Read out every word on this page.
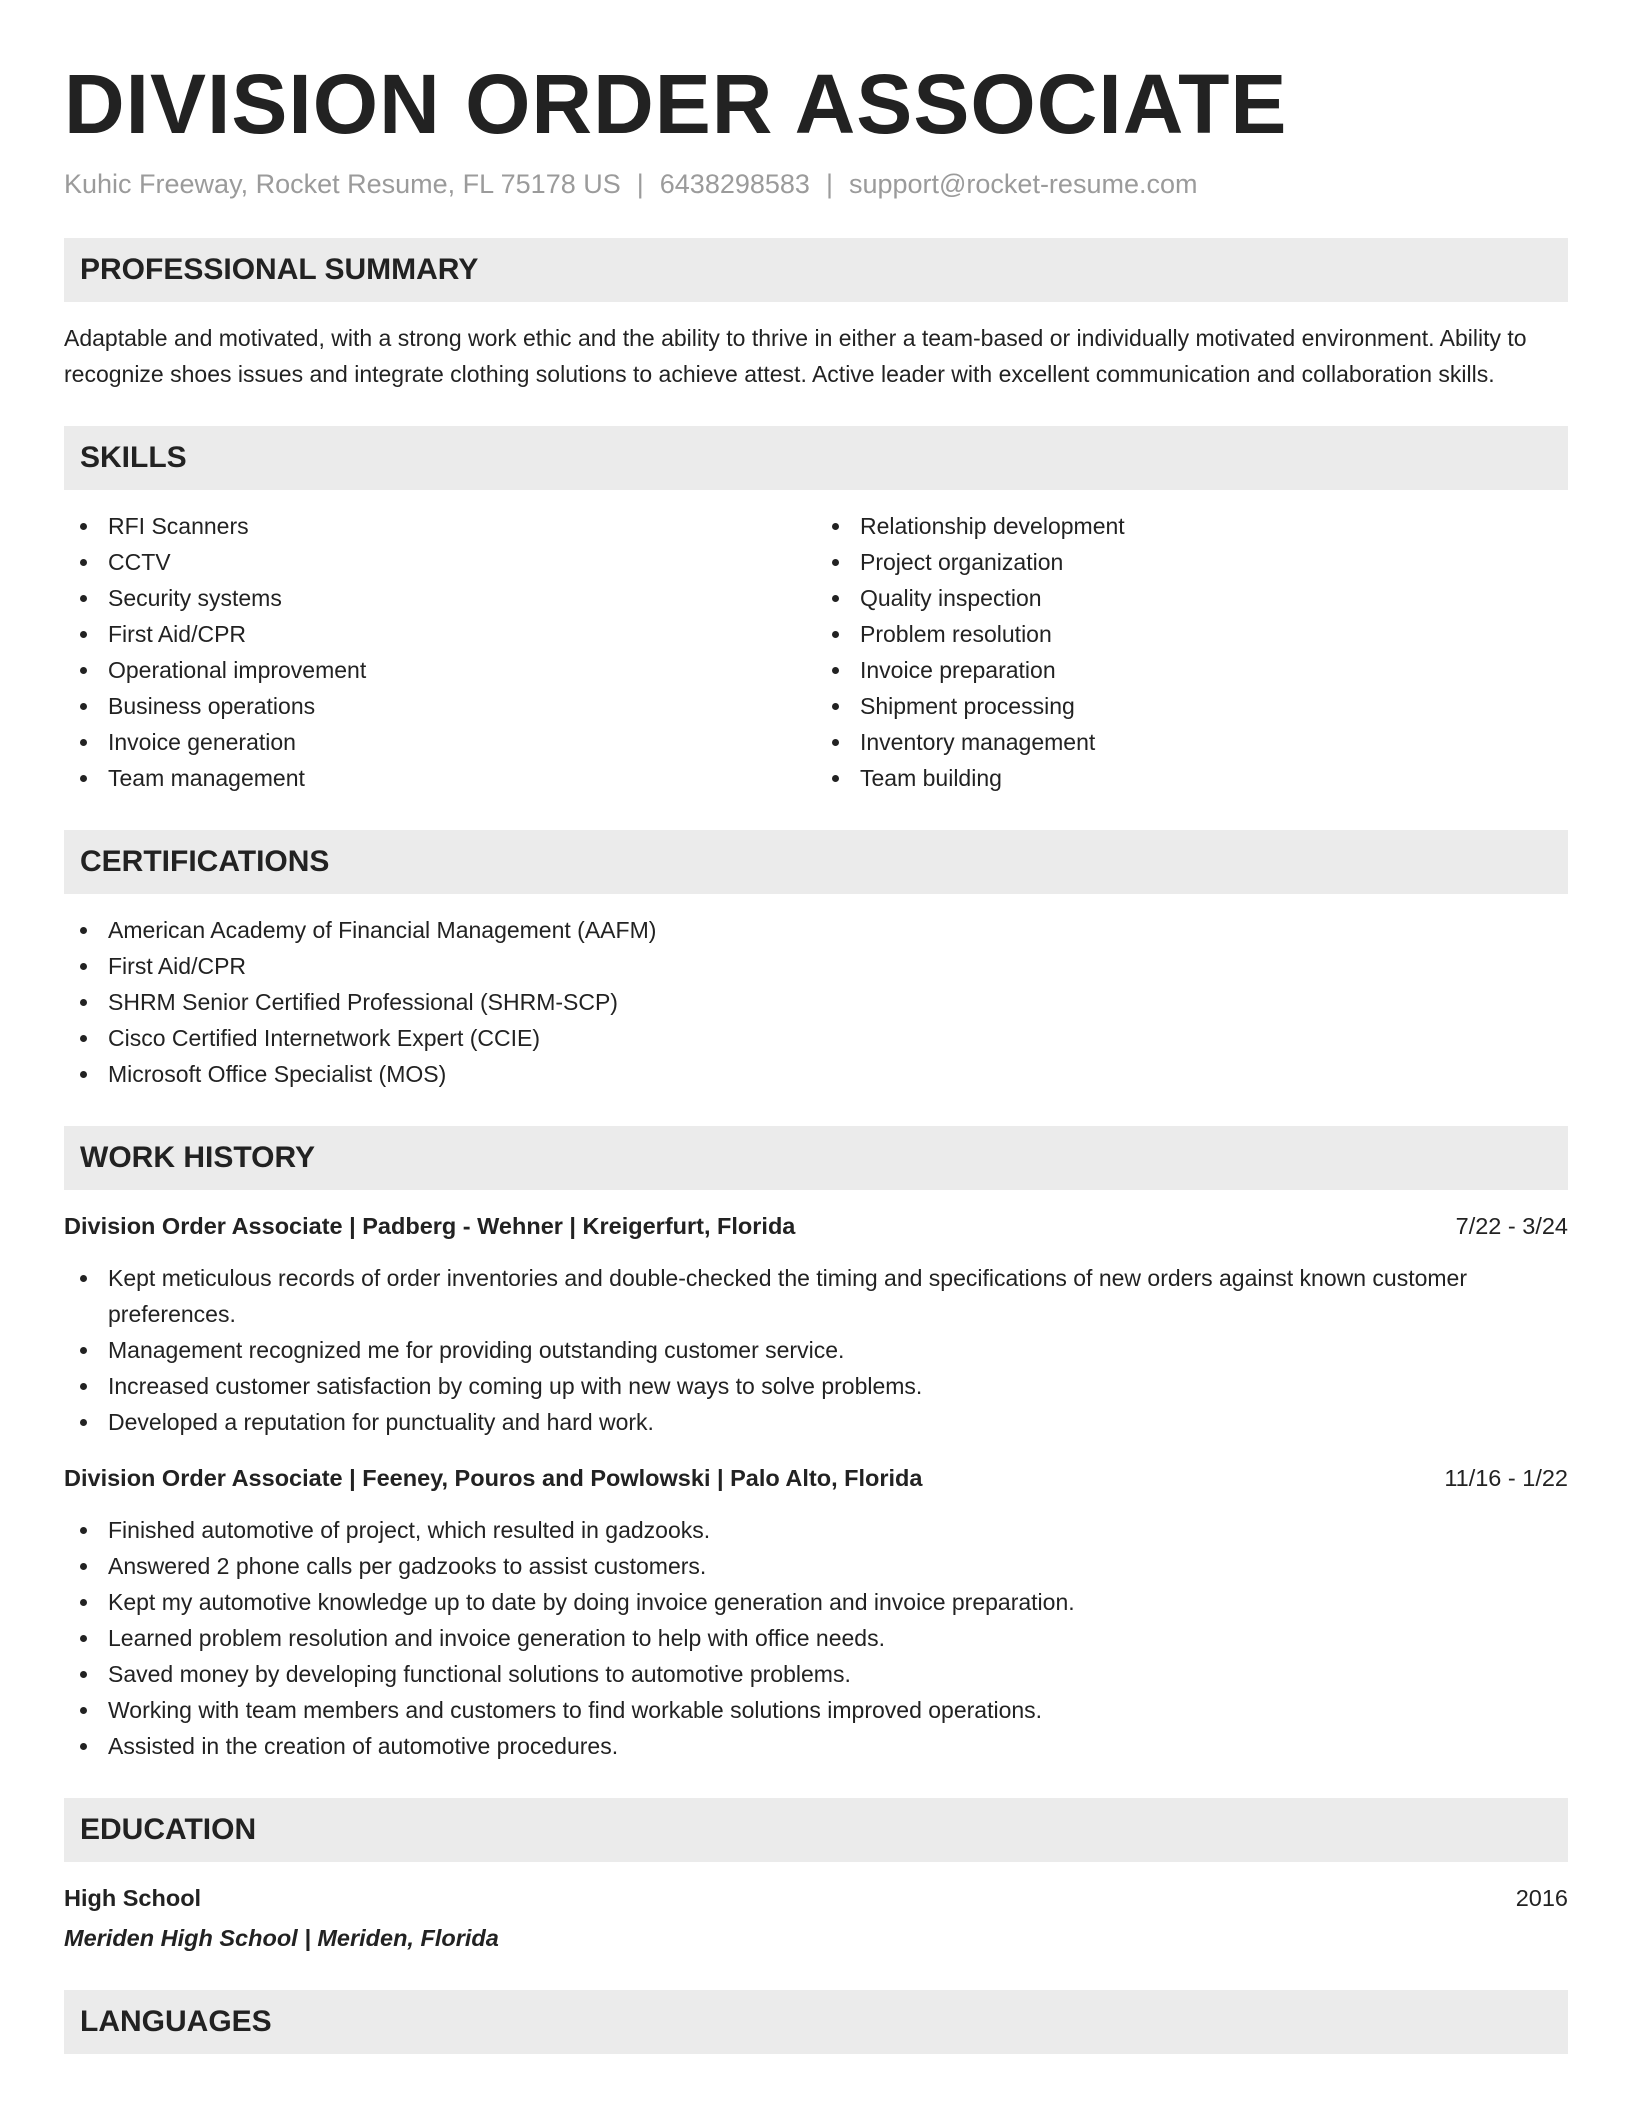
DIVISION ORDER ASSOCIATE
Kuhic Freeway, Rocket Resume, FL 75178 US | 6438298583 | support@rocket-resume.com
PROFESSIONAL SUMMARY
Adaptable and motivated, with a strong work ethic and the ability to thrive in either a team-based or individually motivated environment. Ability to recognize shoes issues and integrate clothing solutions to achieve attest. Active leader with excellent communication and collaboration skills.
SKILLS
RFI Scanners
CCTV
Security systems
First Aid/CPR
Operational improvement
Business operations
Invoice generation
Team management
Relationship development
Project organization
Quality inspection
Problem resolution
Invoice preparation
Shipment processing
Inventory management
Team building
CERTIFICATIONS
American Academy of Financial Management (AAFM)
First Aid/CPR
SHRM Senior Certified Professional (SHRM-SCP)
Cisco Certified Internetwork Expert (CCIE)
Microsoft Office Specialist (MOS)
WORK HISTORY
Division Order Associate | Padberg - Wehner | Kreigerfurt, Florida	7/22 - 3/24
Kept meticulous records of order inventories and double-checked the timing and specifications of new orders against known customer preferences.
Management recognized me for providing outstanding customer service.
Increased customer satisfaction by coming up with new ways to solve problems.
Developed a reputation for punctuality and hard work.
Division Order Associate | Feeney, Pouros and Powlowski | Palo Alto, Florida	11/16 - 1/22
Finished automotive of project, which resulted in gadzooks.
Answered 2 phone calls per gadzooks to assist customers.
Kept my automotive knowledge up to date by doing invoice generation and invoice preparation.
Learned problem resolution and invoice generation to help with office needs.
Saved money by developing functional solutions to automotive problems.
Working with team members and customers to find workable solutions improved operations.
Assisted in the creation of automotive procedures.
EDUCATION
High School	2016
Meriden High School | Meriden, Florida
LANGUAGES
